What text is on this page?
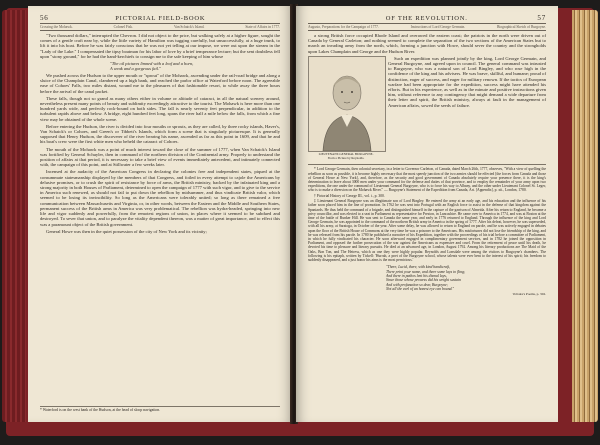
56	PICTORIAL FIELD-BOOK
Crossing the Mohawk.	Colonel Fisk.	Van Schaick's Island.	State of Affairs in 1777.

"Two thousand dollars," interrupted the Chevron. I did not object to the price, but walking safely at a higher figure, sought the comes of a gentle craft near by, while the little variety of Hamilton was tugging carefully, but unsuccessfully, at a huge trunk, to lift it into his boat. Before he was fairly conscious that he was not yet telling at our impose, we were out upon the stream in the "Lady of the Lake." I compensated the tipsy boatman for his labor of love by a brief temperance lecture; but the sent doubtless fell upon "stony ground," for he had the hand-kerchiefs to consign me to the safe keeping of him whose

"The oil pictures limned with a leaf and a horn,
A weak and a gorgeous fail."

We pushed across the Hudson to the upper mouth or "sprout" of the Mohawk, ascending under the rail-road bridge and along a sluice of the Champlain Canal, clambered up a high bank, and reached the parlor office at Waterford before noon. The agreeable ease of Cohoes' Falls, two miles distant, wound me to the pleasures of that fashionable resort, to while away the three hours before the arrival of the canal packet.

These falls, though not so grand as many others either in volume or altitude of cataract, in all the natural scenery around, nevertheless present many points of beauty and sublimity exceedingly attractive to the tourist. The Mohawk is here more than one hundred yards wide, and perfectly rock-bound on both sides. The fall is nearly seventy feet perpendicular, in addition to the turbulent rapids above and below. A bridge, eight hundred feet long, spans the river half a mile below the falls, from which a fine view may be obtained of the whole scene.

Before entering the Hudson, the river is divided into four mouths or sprouts, as they are called, by three rocky islands, Haver's, Van Schaick's or Cohoes, and Green's or Tibbett's Islands, which form a scene that is singularly picturesque. It is generally supposed that Henry Hudson, the discoverer of the river bearing his name, ascended as far as this point in 1609, and that he and his boat's crew were the first white men who beheld the cataract of Cohoes.

The mouth of the Mohawk was a point of much interest toward the close of the summer of 1777, when Van Schaick's Island was fortified by General Schuyler, then in command of the northern division of the Continental army. Properly to understand the position of affairs at that period, it is necessary to take a brief view of events immediately antecedent, and intimately connected with, the campaign of this point, and at Stillwater a few weeks later.

Incensed at the audacity of the American Congress in declaring the colonies free and independent states, piqued at the consummate statesmanship displayed by the members of that Congress, and foiled in every attempt to cajole the Americans by delusive promises, or to crush the spirit of resistance by force of arms, the British ministry, backed by the infatuated king and a strong majority in both Houses of Parliament, determined to open the campaign of 1777 with such vigor, and to give to the service in America such renewed, as should not fail to put down the rebellion by midsummer, and thus vindicate British valor, which seemed to be losing its invincibility. So long as the Americans were tolerably united; so long as there remained a free communication between Massachusetts and Virginia, or, in other words, between the Eastern and the Middle and Southern States, permanent success of the British arms in America was very problematical. The rebellion was hydra-headed, springing into new life and vigor suddenly and powerfully, from the remotest regions of union, in places where it seemed to be subdued and destroyed. To sever that union, and to paralyze the vitality dependent thereon, was a matter of great importance, and to effect this was a paramount object of the British government.

General Howe was then in the quiet possession of the city of New York and its vicinity;

* Waterford is on the west bank of the Hudson, at the head of sloop navigation.
OF THE REVOLUTION.	57
Augusto, Preparations for the Campaign of 1777.	Instructions of Lord George Germain.	Biographical Sketch of Burgoyne.

a strong British force occupied Rhode Island and overawed the eastern coast; the patriots in the north were driven out of Canada by General Carleton; and nothing seemed to complete the separation of the two sections of the American States but to march an invading army from the north, which, forming a junction with Howe, should sever the country and the strongholds upon Lakes Champlain and George and the Hudson River.

LIEUTENANT-GENERAL BURGOYNE.
From a Picture by Reynolds.

Such an expedition was planned jointly by the king, Lord George Germain, and General Burgoyne, and agreed upon in council. The general command was intrusted to Burgoyne, who was a natural son of Lord Bingley, and who rose high in the confidence of the king and his advisers. He was brave, skillful, and humane; proud of distinction, eager of success, and eager for military renown. If the tactics of European warfare had been appropriate for the expedition, success might have attended his efforts. But in his experience, as well as in the minute and positive instructions given him, without reference to any contingency that might demand a wide departure from their letter and spirit, the British ministry, always at fault in the management of American affairs, sowed the seeds of failure.

* Lord George Germain, then colonial secretary, in a letter to Governor Carleton, of Canada, dated March 26th, 1777, observes, "With a view of quelling the rebellion as soon as possible, it is become highly necessary that the most speedy junction of the two armies should be effected [the forces from Canada and those of General Howe at New York], and, therefore, as the security and good government of Canada absolutely require your presence there, it is the king's determination to leave about 3000 men under your command for the defense and duties of that province, and to employ the remainder of your army upon two expeditions, the one under the command of Lieutenant General Burgoyne, who is to force his way to Albany, and the other under Lieutenant Colonel St. Leger, who is to make a diversion on the Mohawk River." — Burgoyne's Statement of the Expedition from Canada, Art. [Appendix], p. xii., London, 1780.

† Pictorial History of George III., vol. i., p. 300.

‡ Lieutenant General Burgoyne was an illegitimate son of Lord Bingley. He entered the army at an early age, and his education and the influence of his father soon placed him in the line of promotion. In 1762 he was sent into Portugal with an English force to assist in the defense of that kingdom against the Spaniards. He thus held the command of a brigade, and distinguished himself in the capture of the garrison of Almeida. After his return to England, he became a privy councillor, and was elected to a seat in Parliament as representative for Preston, in Lancashire. He came over to America in 1774, and was at Boston at the time of the battle of Bunker Hill. He was sent to Canada the same year, and early in 1776 returned to England. Through the influence of the king and Lord George Germain, he was appointed to the command of the northern British army in America in the spring of 1777. After his defeat, however, he was superseded, with all his army, at Saratoga, in October of the year. After some delay, he was allowed to return to England on parole, and he was actively engaged in debates upon the floor of the British House of Commons at the very time he was a prisoner to the Americans. His misfortunes did not lose the friendship of the king, and he was released from his parole. In 1780 he published a narrative of his Expedition, together with the proceedings of his trial before a committee of Parliament, in which he fully vindicated his character. He soon afterward engaged in complimentary government services, and in 1782 he joined the opposition in Parliament, and opposed the further prosecution of the war against the Americans as expensive and cruel. From the retirement of peace until his death, he devoted his time to pleasure and literary pursuits. He died at an advanced age, in London, August 1792. Among his literary productions are The Maid of the Oaks, Bon Ton, and The Heiress, which as one they were highly popular. Reynolds and Lonsdale were among the visitors to Burgoyne's chambers. The following is his epitaph, written by Tickell: 'Hurrah, a poet of the Burgoyne school, whose talents were ever bent to the interest of his spirit; his freedom to suddenly disappeared, and a just honor his aims is the most pernicious.'

"There, Lucid, there, with kind handicraft,
There print your name, and there some lays to fling;
And there in pathos lent his dismal lays,
Since those whose prowess did his weight sustain
And with profanation so dear, Burgoyne;
Not all the earl of an honest eye can bound."
Voltaire's Poems, p. 302.
